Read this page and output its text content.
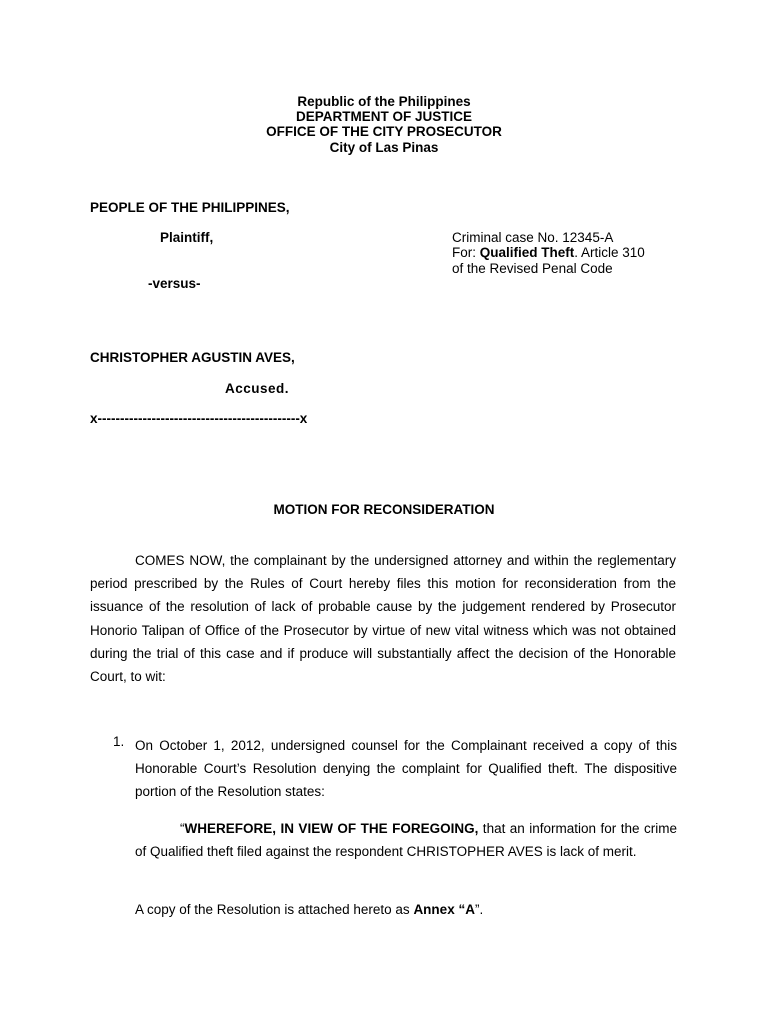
Republic of the Philippines
DEPARTMENT OF JUSTICE
OFFICE OF THE CITY PROSECUTOR
City of Las Pinas
PEOPLE OF THE PHILIPPINES,
Plaintiff,
-versus-
CHRISTOPHER AGUSTIN AVES,
Accused.
x---------------------------------------------x
Criminal case No. 12345-A
For: Qualified Theft. Article 310
of the Revised Penal Code
MOTION FOR RECONSIDERATION
COMES NOW, the complainant by the undersigned attorney and within the reglementary period prescribed by the Rules of Court hereby files this motion for reconsideration from the issuance of the resolution of lack of probable cause by the judgement rendered by Prosecutor Honorio Talipan of Office of the Prosecutor by virtue of new vital witness which was not obtained during the trial of this case and if produce will substantially affect the decision of the Honorable Court, to wit:
1. On October 1, 2012, undersigned counsel for the Complainant received a copy of this Honorable Court’s Resolution denying the complaint for Qualified theft. The dispositive portion of the Resolution states:
“WHEREFORE, IN VIEW OF THE FOREGOING, that an information for the crime of Qualified theft filed against the respondent CHRISTOPHER AVES is lack of merit.
A copy of the Resolution is attached hereto as Annex “A”.
